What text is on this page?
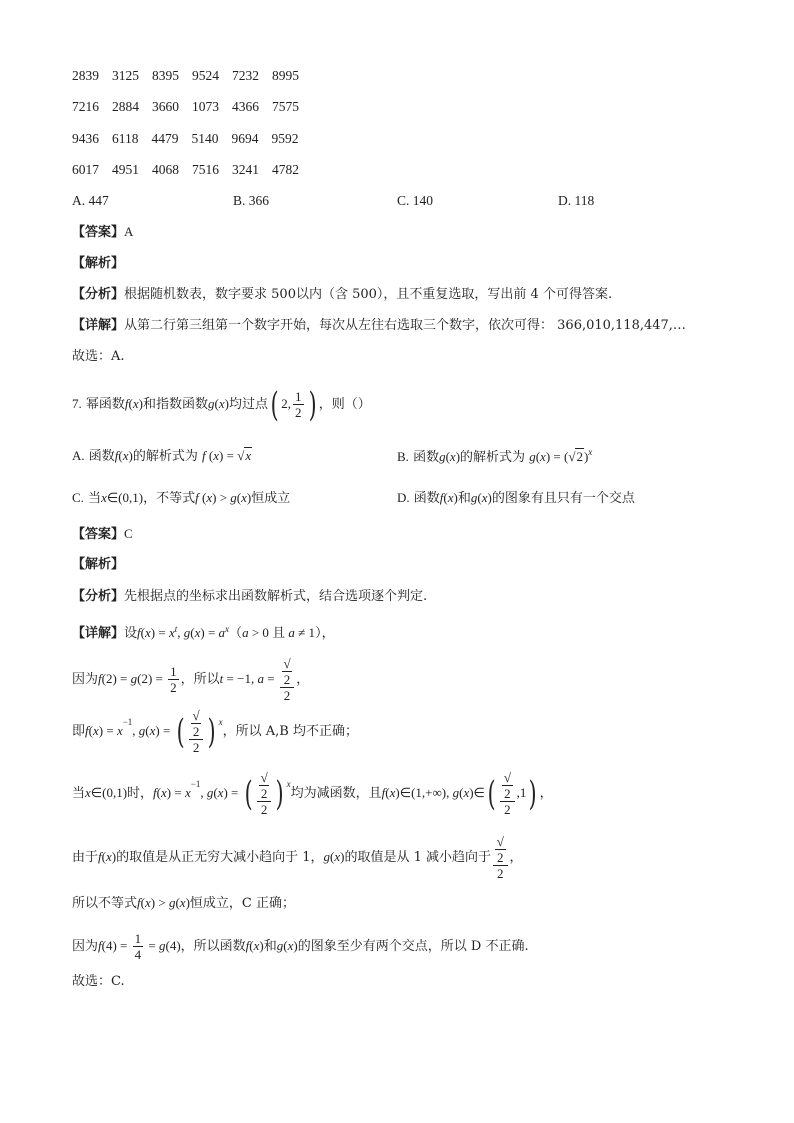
2839 3125 8395 9524 7232 8995
7216 2884 3660 1073 4366 7575
9436 6118 4479 5140 9694 9592
6017 4951 4068 7516 3241 4782
A. 447	B. 366	C. 140	D. 118
【答案】A
【解析】
【分析】根据随机数表，数字要求 500以内（含 500），且不重复选取，写出前 4 个可得答案.
【详解】从第二行第三组第一个数字开始，每次从左往右选取三个数字，依次可得： 366,010,118,447,…
故选：A.
7. 幂函数f(x)和指数函数g(x)均过点( 2, $\frac{1}{2}$ ) ，则（）
A. 函数f(x)的解析式为 f (x) = √x	B. 函数g(x)的解析式为 $g(x) = (√2)^x$
C. 当x∈(0,1)，不等式f (x) > g(x)恒成立	D. 函数f(x)和g(x)的图象有且只有一个交点
【答案】C
【解析】
【分析】先根据点的坐标求出函数解析式，结合选项逐个判定.
【详解】设$f(x) = x^t$, $g(x) = a^x(a > 0$ 且 a ≠ 1），
因为$f(2) = g(2) = \frac{1}{2}$ ，所以t = −1, a = √
2
2 ，
即$f(x) = x^{-1}$, g(x) = ( √
2
2 ) $^x$，所以 A,B 均不正确；
当x∈(0,1)时，$f(x) = x^{-1}$, g(x) = ( √
2
2 ) $^x$均为减函数，且f(x)∈(1,+∞), g(x)∈( √
2
2 ,1) ，
由于f(x)的取值是从正无穷大减小趋向于 1，g(x)的取值是从 1 减小趋向于 √
2
2 ，
所以不等式f(x) > g(x)恒成立，C 正确；
因为$f(4) = \frac{1}{4} = g(4)$，所以函数f(x)和g(x)的图象至少有两个交点，所以 D 不正确.
故选：C.
